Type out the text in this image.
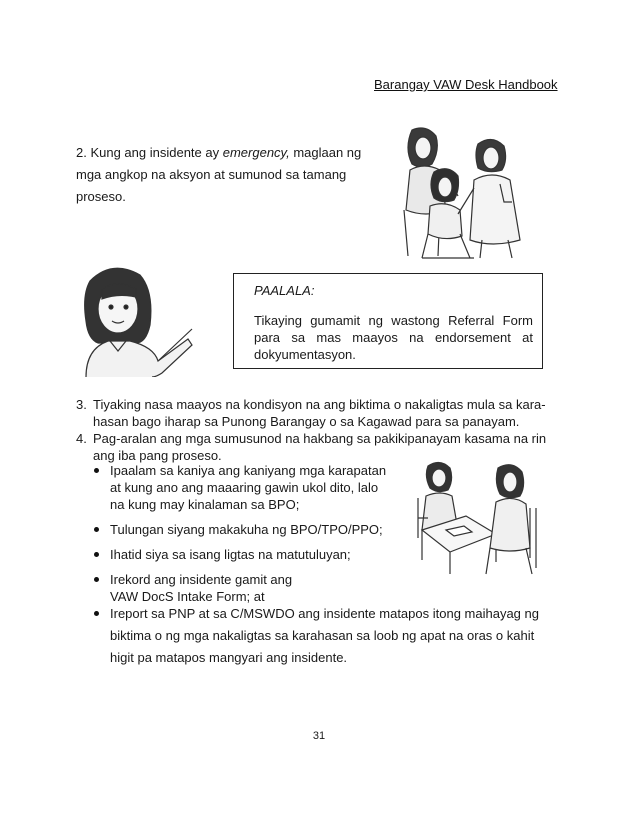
Barangay VAW Desk Handbook
2. Kung ang insidente ay emergency, maglaan ng mga angkop na aksyon at sumunod sa tamang proseso.
PAALALA:
Tikaying gumamit ng wastong Referral Form para sa mas maayos na endorsement at dokyumentasyon.
3. Tiyaking nasa maayos na kondisyon na ang biktima o nakaligtas mula sa kara-hasan bago iharap sa Punong Barangay o sa Kagawad para sa panayam.
4. Pag-aralan ang mga sumusunod na hakbang sa pakikipanayam kasama na rin ang iba pang proseso.
Ipaalam sa kaniya ang kaniyang mga karapatan at kung ano ang maaaring gawin ukol dito, lalo na kung may kinalaman sa BPO;
Tulungan siyang makakuha ng BPO/TPO/PPO;
Ihatid siya sa isang ligtas na matutuluyan;
Irekord ang insidente gamit ang VAW DocS Intake Form; at
Ireport sa PNP at sa C/MSWDO ang insidente matapos itong maihayag ng biktima o ng mga nakaligtas sa karahasan sa loob ng apat na oras o kahit higit pa matapos mangyari ang insidente.
31
